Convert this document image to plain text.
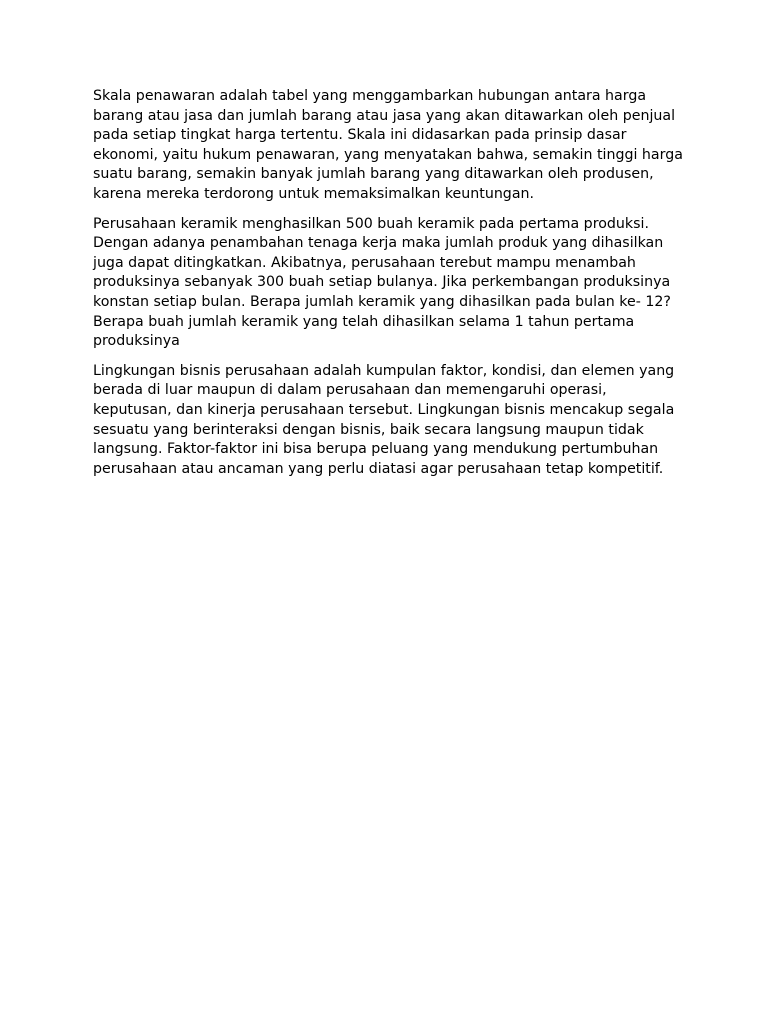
Skala penawaran adalah tabel yang menggambarkan hubungan antara harga barang atau jasa dan jumlah barang atau jasa yang akan ditawarkan oleh penjual pada setiap tingkat harga tertentu. Skala ini didasarkan pada prinsip dasar ekonomi, yaitu hukum penawaran, yang menyatakan bahwa, semakin tinggi harga suatu barang, semakin banyak jumlah barang yang ditawarkan oleh produsen, karena mereka terdorong untuk memaksimalkan keuntungan.

Perusahaan keramik menghasilkan 500 buah keramik pada pertama produksi. Dengan adanya penambahan tenaga kerja maka jumlah produk yang dihasilkan juga dapat ditingkatkan. Akibatnya, perusahaan terebut mampu menambah produksinya sebanyak 300 buah setiap bulanya. Jika perkembangan produksinya konstan setiap bulan. Berapa jumlah keramik yang dihasilkan pada bulan ke- 12? Berapa buah jumlah keramik yang telah dihasilkan selama 1 tahun pertama produksinya

Lingkungan bisnis perusahaan adalah kumpulan faktor, kondisi, dan elemen yang berada di luar maupun di dalam perusahaan dan memengaruhi operasi, keputusan, dan kinerja perusahaan tersebut. Lingkungan bisnis mencakup segala sesuatu yang berinteraksi dengan bisnis, baik secara langsung maupun tidak langsung. Faktor-faktor ini bisa berupa peluang yang mendukung pertumbuhan perusahaan atau ancaman yang perlu diatasi agar perusahaan tetap kompetitif.
